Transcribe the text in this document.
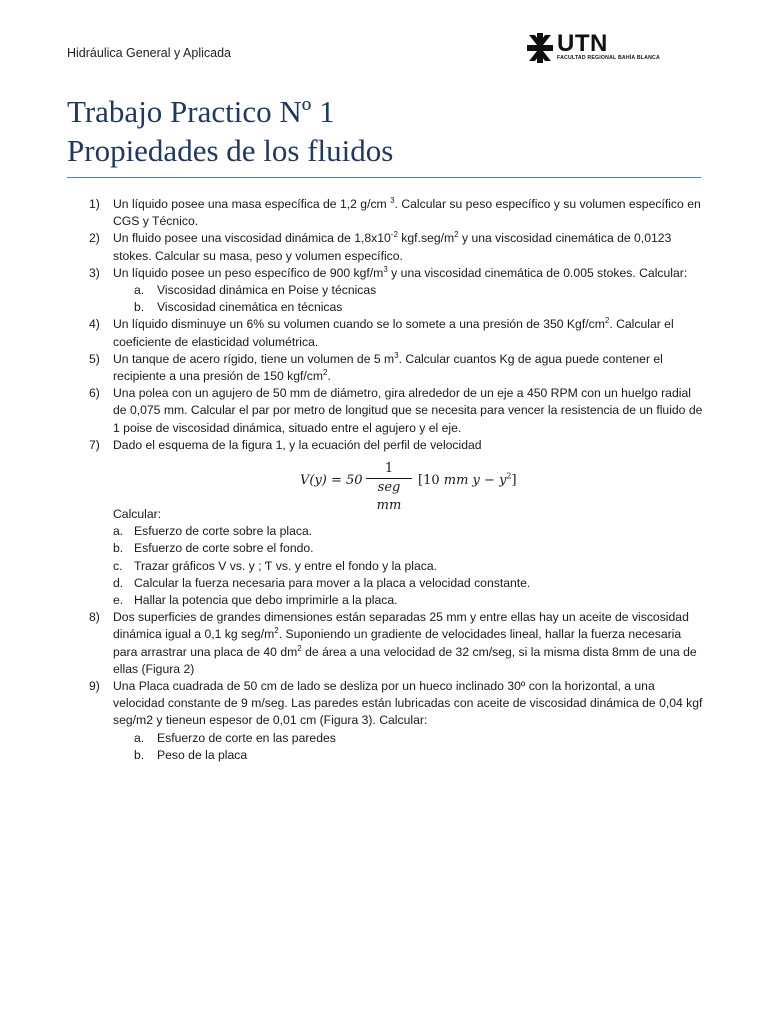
Hidráulica General y Aplicada	UTN
FACULTAD REGIONAL BAHÍA BLANCA
Trabajo Practico Nº 1
Propiedades de los fluidos
1) Un líquido posee una masa específica de 1,2 g/cm $^3$. Calcular su peso específico y su volumen específico en CGS y Técnico.
2) Un fluido posee una viscosidad dinámica de $1,8x10^{-2}$ $kgf.seg/m^2$ y una viscosidad cinemática de 0,0123 stokes. Calcular su masa, peso y volumen específico.
3) Un líquido posee un peso específico de 900 kgf/$m^3$ y una viscosidad cinemática de 0.005 stokes. Calcular:
a. Viscosidad dinámica en Poise y técnicas
b. Viscosidad cinemática en técnicas
4) Un líquido disminuye un 6% su volumen cuando se lo somete a una presión de 350 Kgf/$cm^2$. Calcular el coeficiente de elasticidad volumétrica.
5) Un tanque de acero rígido, tiene un volumen de 5 $m^3$. Calcular cuantos Kg de agua puede contener el recipiente a una presión de 150 kgf/$cm^2$.
6) Una polea con un agujero de 50 mm de diámetro, gira alrededor de un eje a 450 RPM con un huelgo radial de 0,075 mm. Calcular el par por metro de longitud que se necesita para vencer la resistencia de un fluido de 1 poise de viscosidad dinámica, situado entre el agujero y el eje.
7) Dado el esquema de la figura 1, y la ecuación del perfil de velocidad
V(y) = 50
1
seg mm
[10 mm $y - y^2$]
Calcular:
a. Esfuerzo de corte sobre la placa.
b. Esfuerzo de corte sobre el fondo.
c. Trazar gráficos V vs. y ; Ƭ vs. y entre el fondo y la placa.
d. Calcular la fuerza necesaria para mover a la placa a velocidad constante.
e. Hallar la potencia que debo imprimirle a la placa.
8) Dos superficies de grandes dimensiones están separadas 25 mm y entre ellas hay un aceite de viscosidad dinámica igual a 0,1 kg seg/$m^2$. Suponiendo un gradiente de velocidades lineal, hallar la fuerza necesaria para arrastrar una placa de 40 $dm^2$ de área a una velocidad de 32 cm/seg, si la misma dista 8mm de una de ellas (Figura 2)
9) Una Placa cuadrada de 50 cm de lado se desliza por un hueco inclinado 30º con la horizontal, a una velocidad constante de 9 m/seg. Las paredes están lubricadas con aceite de viscosidad dinámica de 0,04 kgf seg/m2 y tieneun espesor de 0,01 cm (Figura 3). Calcular:
a. Esfuerzo de corte en las paredes
b. Peso de la placa
